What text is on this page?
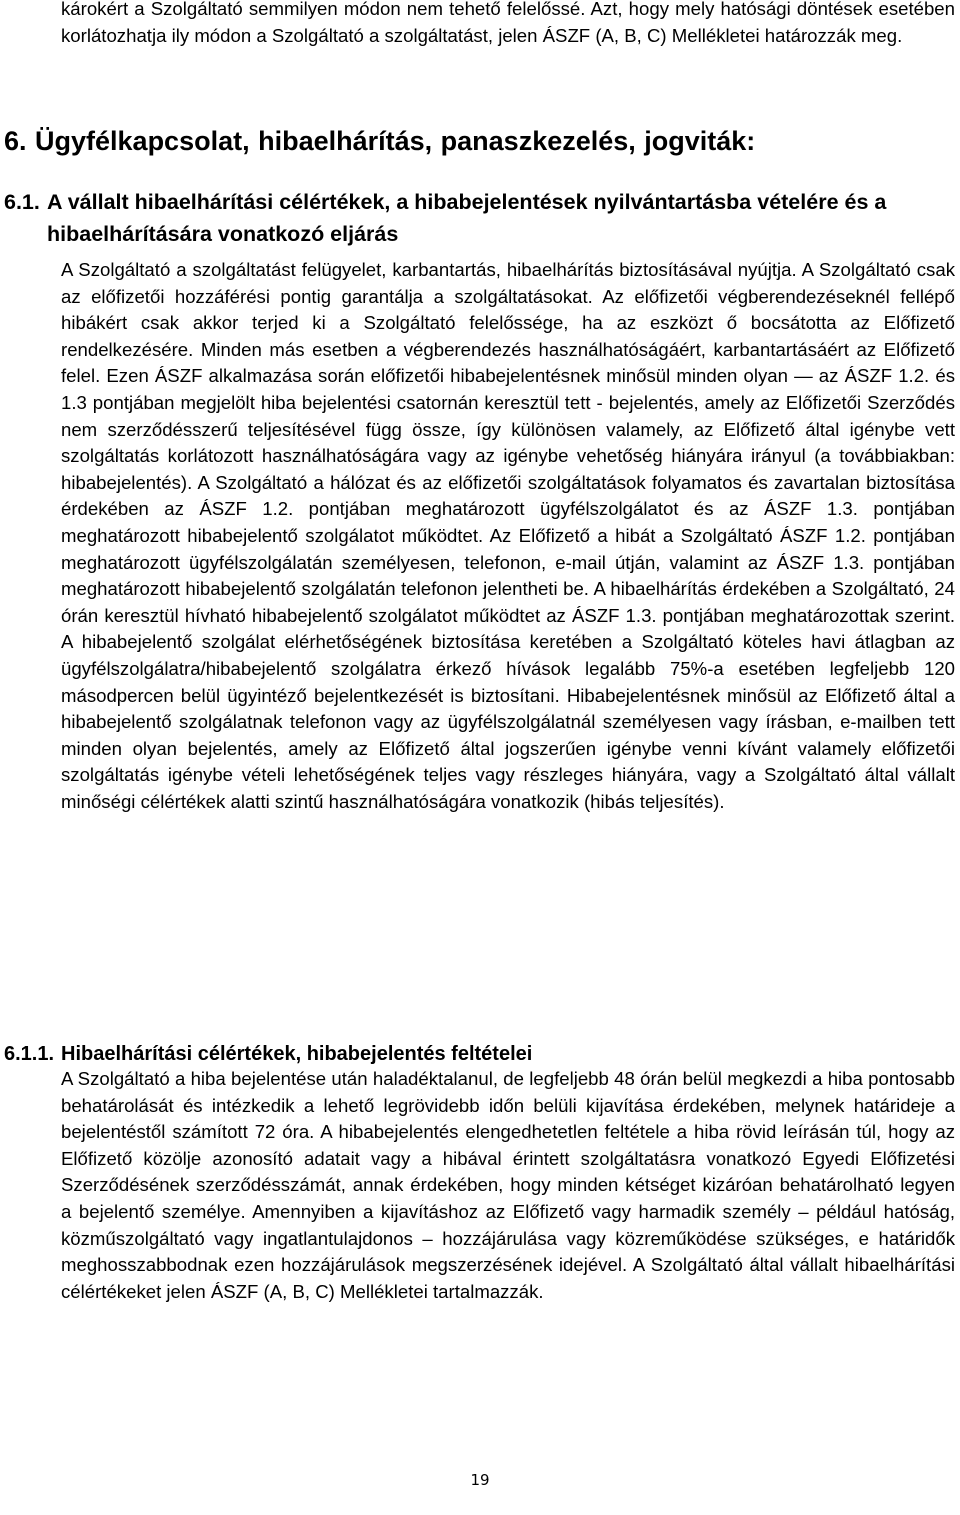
károkért a Szolgáltató semmilyen módon nem tehető felelőssé. Azt, hogy mely hatósági döntések esetében korlátozhatja ily módon a Szolgáltató a szolgáltatást, jelen ÁSZF (A, B, C) Mellékletei határozzák meg.

6. Ügyfélkapcsolat, hibaelhárítás, panaszkezelés, jogviták:
6.1. A vállalt hibaelhárítási célértékek, a hibabejelentések nyilvántartásba vételére és a hibaelhárítására vonatkozó eljárás

A Szolgáltató a szolgáltatást felügyelet, karbantartás, hibaelhárítás biztosításával nyújtja. A Szolgáltató csak az előfizetői hozzáférési pontig garantálja a szolgáltatásokat. Az előfizetői végberendezéseknél fellépő hibákért csak akkor terjed ki a Szolgáltató felelőssége, ha az eszközt ő bocsátotta az Előfizető rendelkezésére. Minden más esetben a végberendezés használhatóságáért, karbantartásáért az Előfizető felel. Ezen ÁSZF alkalmazása során előfizetői hibabejelentésnek minősül minden olyan — az ÁSZF 1.2. és 1.3 pontjában megjelölt hiba bejelentési csatornán keresztül tett - bejelentés, amely az Előfizetői Szerződés nem szerződésszerű teljesítésével függ össze, így különösen valamely, az Előfizető által igénybe vett szolgáltatás korlátozott használhatóságára vagy az igénybe vehetőség hiányára irányul (a továbbiakban: hibabejelentés). A Szolgáltató a hálózat és az előfizetői szolgáltatások folyamatos és zavartalan biztosítása érdekében az ÁSZF 1.2. pontjában meghatározott ügyfélszolgálatot és az ÁSZF 1.3. pontjában meghatározott hibabejelentő szolgálatot működtet. Az Előfizető a hibát a Szolgáltató ÁSZF 1.2. pontjában meghatározott ügyfélszolgálatán személyesen, telefonon, e-mail útján, valamint az ÁSZF 1.3. pontjában meghatározott hibabejelentő szolgálatán telefonon jelentheti be. A hibaelhárítás érdekében a Szolgáltató, 24 órán keresztül hívható hibabejelentő szolgálatot működtet az ÁSZF 1.3. pontjában meghatározottak szerint. A hibabejelentő szolgálat elérhetőségének biztosítása keretében a Szolgáltató köteles havi átlagban az ügyfélszolgálatra/hibabejelentő szolgálatra érkező hívások legalább 75%-a esetében legfeljebb 120 másodpercen belül ügyintéző bejelentkezését is biztosítani. Hibabejelentésnek minősül az Előfizető által a hibabejelentő szolgálatnak telefonon vagy az ügyfélszolgálatnál személyesen vagy írásban, e-mailben tett minden olyan bejelentés, amely az Előfizető által jogszerűen igénybe venni kívánt valamely előfizetői szolgáltatás igénybe vételi lehetőségének teljes vagy részleges hiányára, vagy a Szolgáltató által vállalt minőségi célértékek alatti szintű használhatóságára vonatkozik (hibás teljesítés).

6.1.1. Hibaelhárítási célértékek, hibabejelentés feltételei

A Szolgáltató a hiba bejelentése után haladéktalanul, de legfeljebb 48 órán belül megkezdi a hiba pontosabb behatárolását és intézkedik a lehető legrövidebb időn belüli kijavítása érdekében, melynek határideje a bejelentéstől számított 72 óra. A hibabejelentés elengedhetetlen feltétele a hiba rövid leírásán túl, hogy az Előfizető közölje azonosító adatait vagy a hibával érintett szolgáltatásra vonatkozó Egyedi Előfizetési Szerződésének szerződésszámát, annak érdekében, hogy minden kétséget kizáróan behatárolható legyen a bejelentő személye. Amennyiben a kijavításhoz az Előfizető vagy harmadik személy – például hatóság, közműszolgáltató vagy ingatlantulajdonos – hozzájárulása vagy közreműködése szükséges, e határidők meghosszabbodnak ezen hozzájárulások megszerzésének idejével. A Szolgáltató által vállalt hibaelhárítási célértékeket jelen ÁSZF (A, B, C) Mellékletei tartalmazzák.

19
